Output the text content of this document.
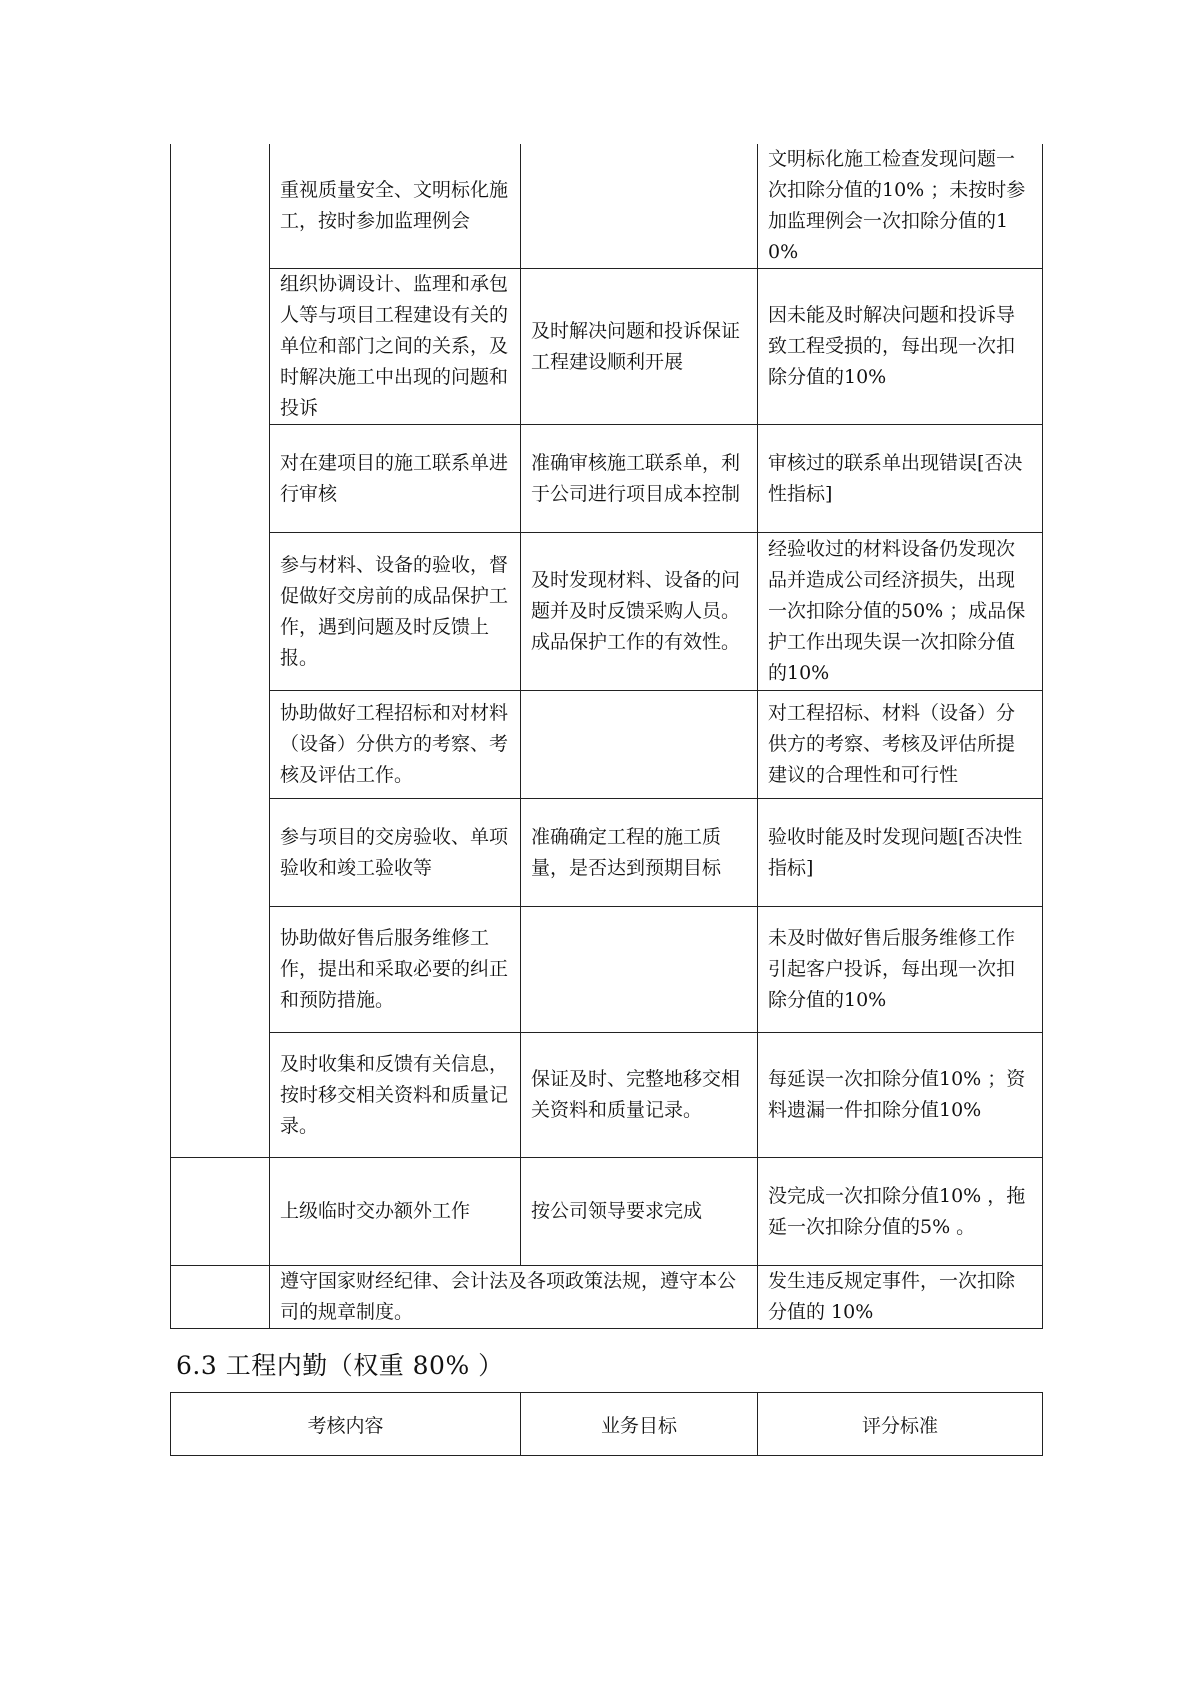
	重视质量安全、文明标化施工，按时参加监理例会		文明标化施工检查发现问题一次扣除分值的10% ；未按时参加监理例会一次扣除分值的10%
	组织协调设计、监理和承包人等与项目工程建设有关的单位和部门之间的关系，及时解决施工中出现的问题和投诉	及时解决问题和投诉保证工程建设顺利开展	因未能及时解决问题和投诉导致工程受损的，每出现一次扣除分值的10%
	对在建项目的施工联系单进行审核	准确审核施工联系单，利于公司进行项目成本控制	审核过的联系单出现错误[否决性指标]
	参与材料、设备的验收，督促做好交房前的成品保护工作，遇到问题及时反馈上报。	及时发现材料、设备的问题并及时反馈采购人员。成品保护工作的有效性。	经验收过的材料设备仍发现次品并造成公司经济损失，出现一次扣除分值的50% ；成品保护工作出现失误一次扣除分值的10%
	协助做好工程招标和对材料（设备）分供方的考察、考核及评估工作。		对工程招标、材料（设备）分供方的考察、考核及评估所提建议的合理性和可行性
	参与项目的交房验收、单项验收和竣工验收等	准确确定工程的施工质量，是否达到预期目标	验收时能及时发现问题[否决性指标]
	协助做好售后服务维修工作，提出和采取必要的纠正和预防措施。		未及时做好售后服务维修工作引起客户投诉，每出现一次扣除分值的10%
	及时收集和反馈有关信息，按时移交相关资料和质量记录。	保证及时、完整地移交相关资料和质量记录。	每延误一次扣除分值10% ；资料遗漏一件扣除分值10%
	上级临时交办额外工作	按公司领导要求完成	没完成一次扣除分值10% ，拖延一次扣除分值的5% 。
	遵守国家财经纪律、会计法及各项政策法规，遵守本公司的规章制度。		发生违反规定事件，一次扣除分值的 10%
6.3 工程内勤（权重 80% ）
考核内容	业务目标	评分标准
